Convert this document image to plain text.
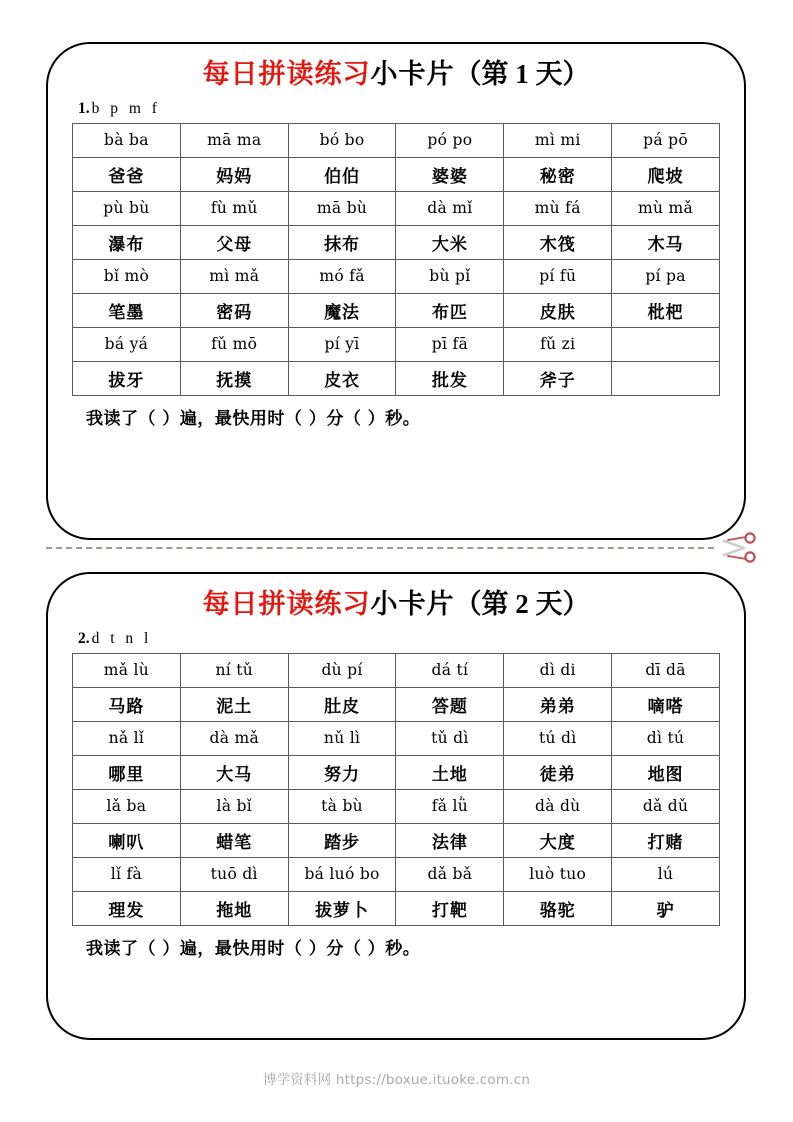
每日拼读练习小卡片（第 1 天）
1. b p m f
bà ba	mā ma	bó bo	pó po	mì mi	pá pō
爸爸	妈妈	伯伯	婆婆	秘密	爬坡
pù bù	fù mǔ	mā bù	dà mǐ	mù fá	mù mǎ
瀑布	父母	抹布	大米	木筏	木马
bǐ mò	mì mǎ	mó fǎ	bù pǐ	pí fū	pí pa
笔墨	密码	魔法	布匹	皮肤	枇杷
bá yá	fǔ mō	pí yī	pī fā	fǔ zi	
拔牙	抚摸	皮衣	批发	斧子	
我读了（ ）遍，最快用时（ ）分（ ）秒。
每日拼读练习小卡片（第 2 天）
2. d t n l
mǎ lù	ní tǔ	dù pí	dá tí	dì di	dī dā
马路	泥土	肚皮	答题	弟弟	嘀嗒
nǎ lǐ	dà mǎ	nǔ lì	tǔ dì	tú dì	dì tú
哪里	大马	努力	土地	徒弟	地图
lǎ ba	là bǐ	tà bù	fǎ lǜ	dà dù	dǎ dǔ
喇叭	蜡笔	踏步	法律	大度	打赌
lǐ fà	tuō dì	bá luó bo	dǎ bǎ	luò tuo	lú
理发	拖地	拔萝卜	打靶	骆驼	驴
我读了（ ）遍，最快用时（ ）分（ ）秒。
博学资料网 https://boxue.ituoke.com.cn
